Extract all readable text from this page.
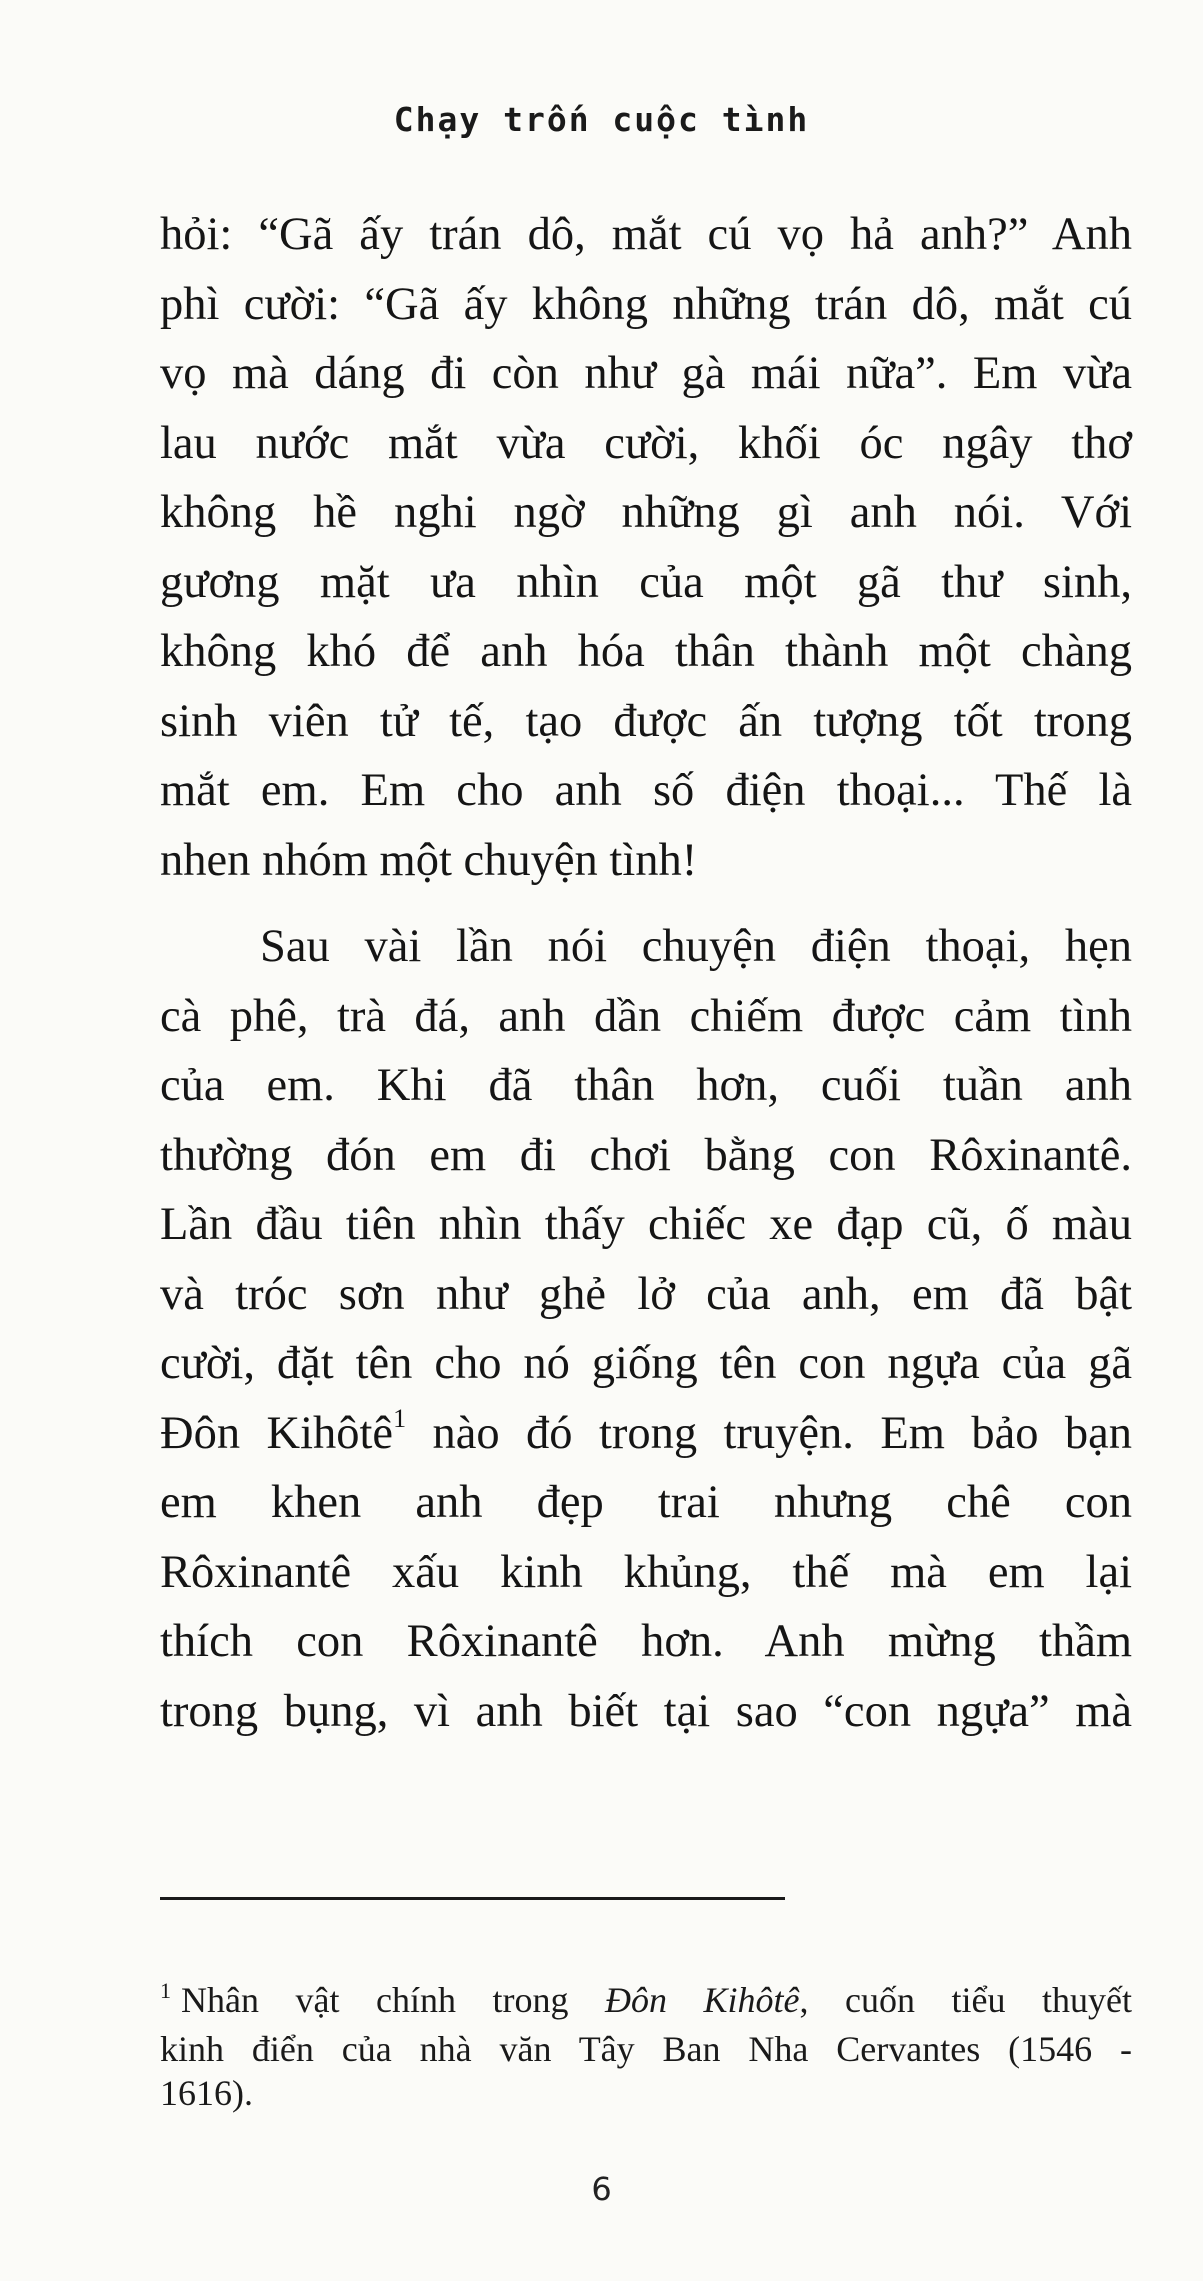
Chạy trốn cuộc tình

hỏi: “Gã ấy trán dô, mắt cú vọ hả anh?” Anh
phì cười: “Gã ấy không những trán dô, mắt cú
vọ mà dáng đi còn như gà mái nữa”. Em vừa
lau nước mắt vừa cười, khối óc ngây thơ
không hề nghi ngờ những gì anh nói. Với
gương mặt ưa nhìn của một gã thư sinh,
không khó để anh hóa thân thành một chàng
sinh viên tử tế, tạo được ấn tượng tốt trong
mắt em. Em cho anh số điện thoại... Thế là
nhen nhóm một chuyện tình!

Sau vài lần nói chuyện điện thoại, hẹn
cà phê, trà đá, anh dần chiếm được cảm tình
của em. Khi đã thân hơn, cuối tuần anh
thường đón em đi chơi bằng con Rôxinantê.
Lần đầu tiên nhìn thấy chiếc xe đạp cũ, ố màu
và tróc sơn như ghẻ lở của anh, em đã bật
cười, đặt tên cho nó giống tên con ngựa của gã
Đôn Kihôtê$^1$ nào đó trong truyện. Em bảo bạn
em khen anh đẹp trai nhưng chê con
Rôxinantê xấu kinh khủng, thế mà em lại
thích con Rôxinantê hơn. Anh mừng thầm
trong bụng, vì anh biết tại sao “con ngựa” mà

$^1$ Nhân vật chính trong Đôn Kihôtê, cuốn tiểu thuyết
kinh điển của nhà văn Tây Ban Nha Cervantes (1546 -
1616).
6
